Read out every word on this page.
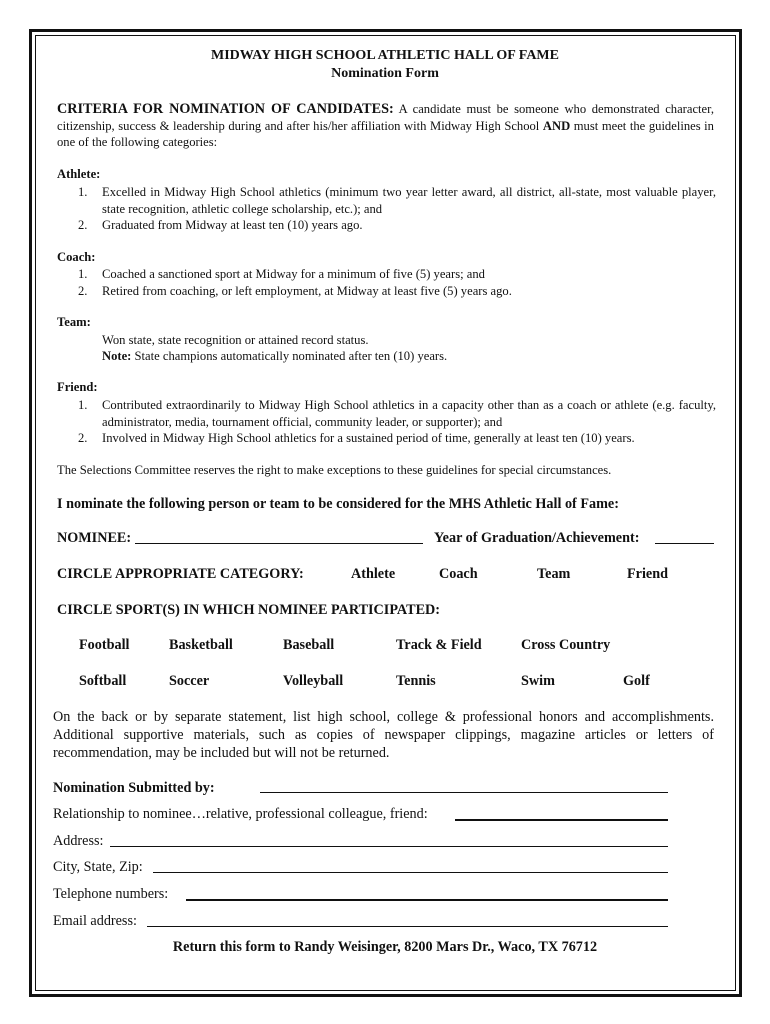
MIDWAY HIGH SCHOOL ATHLETIC HALL OF FAME
Nomination Form
CRITERIA FOR NOMINATION OF CANDIDATES: A candidate must be someone who demonstrated character, citizenship, success & leadership during and after his/her affiliation with Midway High School AND must meet the guidelines in one of the following categories:
Athlete:
1. Excelled in Midway High School athletics (minimum two year letter award, all district, all-state, most valuable player, state recognition, athletic college scholarship, etc.); and
2. Graduated from Midway at least ten (10) years ago.
Coach:
1. Coached a sanctioned sport at Midway for a minimum of five (5) years; and
2. Retired from coaching, or left employment, at Midway at least five (5) years ago.
Team:
Won state, state recognition or attained record status.
Note: State champions automatically nominated after ten (10) years.
Friend:
1. Contributed extraordinarily to Midway High School athletics in a capacity other than as a coach or athlete (e.g. faculty, administrator, media, tournament official, community leader, or supporter); and
2. Involved in Midway High School athletics for a sustained period of time, generally at least ten (10) years.
The Selections Committee reserves the right to make exceptions to these guidelines for special circumstances.
I nominate the following person or team to be considered for the MHS Athletic Hall of Fame:
NOMINEE:	Year of Graduation/Achievement:
CIRCLE APPROPRIATE CATEGORY:	Athlete	Coach	Team	Friend
CIRCLE SPORT(S) IN WHICH NOMINEE PARTICIPATED:
Football	Basketball	Baseball	Track & Field	Cross Country
Softball	Soccer	Volleyball	Tennis	Swim	Golf
On the back or by separate statement, list high school, college & professional honors and accomplishments. Additional supportive materials, such as copies of newspaper clippings, magazine articles or letters of recommendation, may be included but will not be returned.
Nomination Submitted by:
Relationship to nominee…relative, professional colleague, friend:
Address:
City, State, Zip:
Telephone numbers:
Email address:
Return this form to Randy Weisinger, 8200 Mars Dr., Waco, TX 76712
